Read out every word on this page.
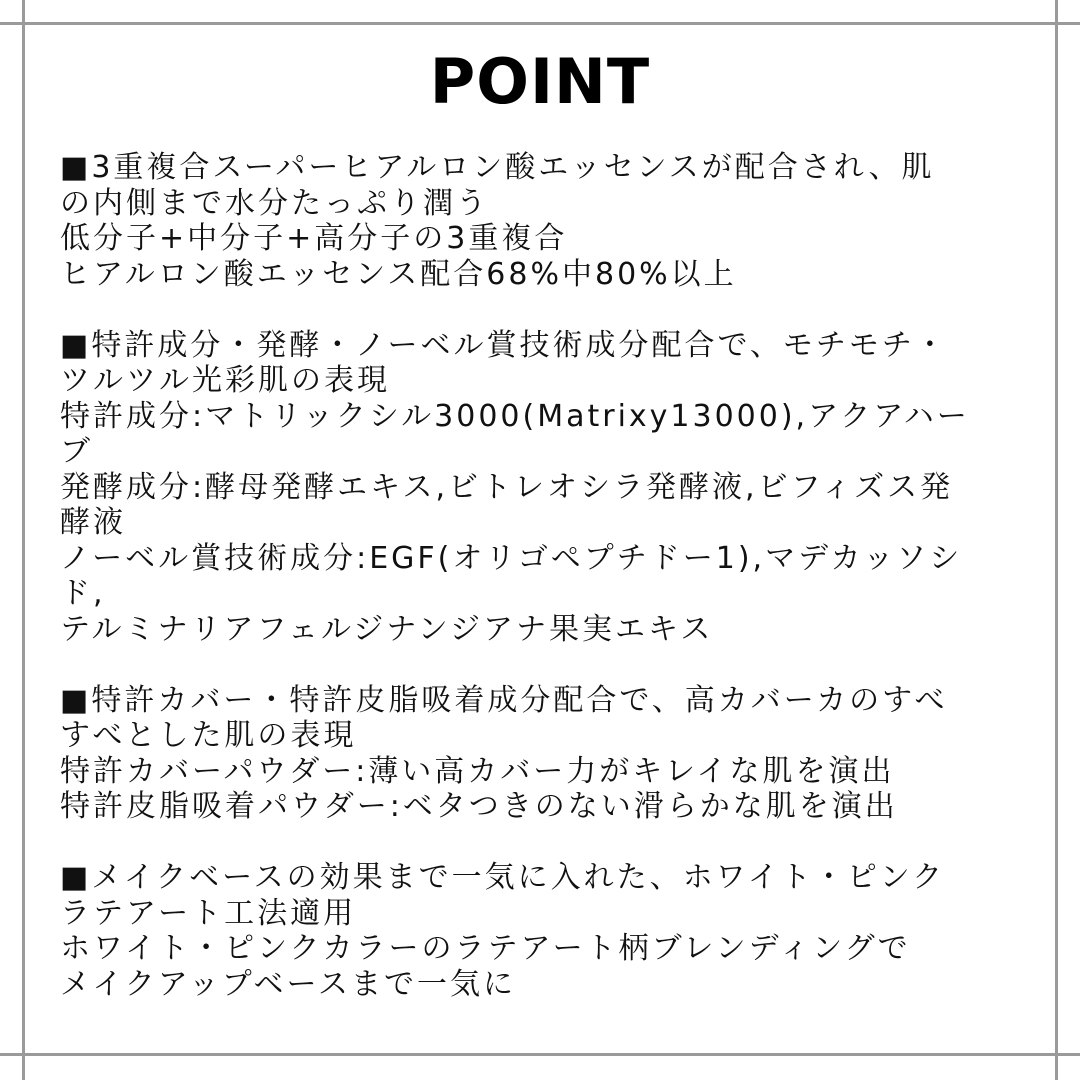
POINT
■3重複合スーパーヒアルロン酸エッセンスが配合され、肌
の内側まで水分たっぷり潤う
低分子+中分子+高分子の3重複合
ヒアルロン酸エッセンス配合68%中80%以上
■特許成分・発酵・ノーベル賞技術成分配合で、モチモチ・
ツルツル光彩肌の表現
特許成分:マトリックシル3000(Matrixy13000),アクアハー
ブ
発酵成分:酵母発酵エキス,ビトレオシラ発酵液,ビフィズス発
酵液
ノーベル賞技術成分:EGF(オリゴペプチドー1),マデカッソシ
ド,
テルミナリアフェルジナンジアナ果実エキス
■特許カバー・特許皮脂吸着成分配合で、高カバーカのすべ
すべとした肌の表現
特許カバーパウダー:薄い高カバー力がキレイな肌を演出
特許皮脂吸着パウダー:ベタつきのない滑らかな肌を演出
■メイクベースの効果まで一気に入れた、ホワイト・ピンク
ラテアート工法適用
ホワイト・ピンクカラーのラテアート柄ブレンディングで
メイクアップベースまで一気に
